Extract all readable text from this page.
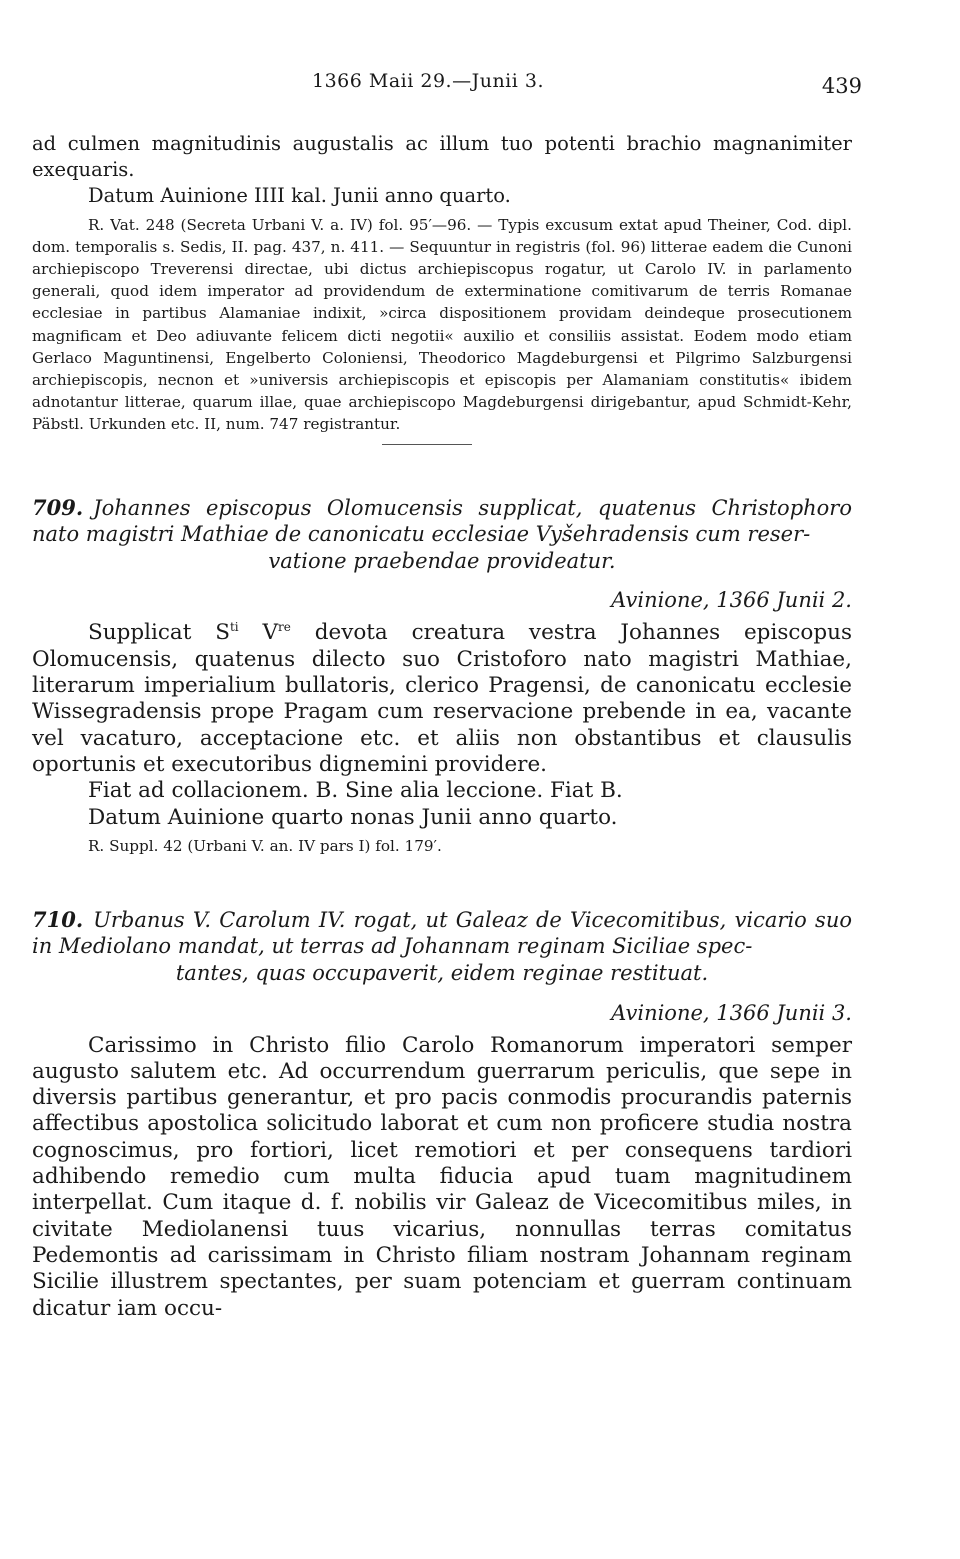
1366 Maii 29.—Junii 3.	439

ad culmen magnitudinis augustalis ac illum tuo potenti brachio magnanimiter exequaris.

Datum Auinione IIII kal. Junii anno quarto.

R. Vat. 248 (Secreta Urbani V. a. IV) fol. 95′—96. — Typis excusum extat apud Theiner, Cod. dipl. dom. temporalis s. Sedis, II. pag. 437, n. 411. — Sequuntur in registris (fol. 96) litterae eadem die Cunoni archiepiscopo Treverensi directae, ubi dictus archiepiscopus rogatur, ut Carolo IV. in parlamento generali, quod idem imperator ad providendum de exterminatione comitivarum de terris Romanae ecclesiae in partibus Alamaniae indixit, »circa dispositionem providam deindeque prosecutionem magnificam et Deo adiuvante felicem dicti negotii« auxilio et consiliis assistat. Eodem modo etiam Gerlaco Maguntinensi, Engelberto Coloniensi, Theodorico Magdeburgensi et Pilgrimo Salzburgensi archiepiscopis, necnon et »universis archiepiscopis et episcopis per Alamaniam constitutis« ibidem adnotantur litterae, quarum illae, quae archiepiscopo Magdeburgensi dirigebantur, apud Schmidt-Kehr, Päbstl. Urkunden etc. II, num. 747 registrantur.

709. Johannes episcopus Olomucensis supplicat, quatenus Christophoro nato magistri Mathiae de canonicatu ecclesiae Vyšehradensis cum reser-
vatione praebendae provideatur.

Avinione, 1366 Junii 2.

Supplicat $S^{ti}$ Vre devota creatura vestra Johannes episcopus Olomucensis, quatenus dilecto suo Cristoforo nato magistri Mathiae, literarum imperialium bullatoris, clerico Pragensi, de canonicatu ecclesie Wissegradensis prope Pragam cum reservacione prebende in ea, vacante vel vacaturo, acceptacione etc. et aliis non obstantibus et clausulis oportunis et executoribus dignemini providere.

Fiat ad collacionem. B. Sine alia leccione. Fiat B.

Datum Auinione quarto nonas Junii anno quarto.

R. Suppl. 42 (Urbani V. an. IV pars I) fol. 179′.

710. Urbanus V. Carolum IV. rogat, ut Galeaz de Vicecomitibus, vicario suo in Mediolano mandat, ut terras ad Johannam reginam Siciliae spec-
tantes, quas occupaverit, eidem reginae restituat.

Avinione, 1366 Junii 3.

Carissimo in Christo filio Carolo Romanorum imperatori semper augusto salutem etc. Ad occurrendum guerrarum periculis, que sepe in diversis partibus generantur, et pro pacis conmodis procurandis paternis affectibus apostolica solicitudo laborat et cum non proficere studia nostra cognoscimus, pro fortiori, licet remotiori et per consequens tardiori adhibendo remedio cum multa fiducia apud tuam magnitudinem interpellat. Cum itaque d. f. nobilis vir Galeaz de Vicecomitibus miles, in civitate Mediolanensi tuus vicarius, nonnullas terras comitatus Pedemontis ad carissimam in Christo filiam nostram Johannam reginam Sicilie illustrem spectantes, per suam potenciam et guerram continuam dicatur iam occu-
